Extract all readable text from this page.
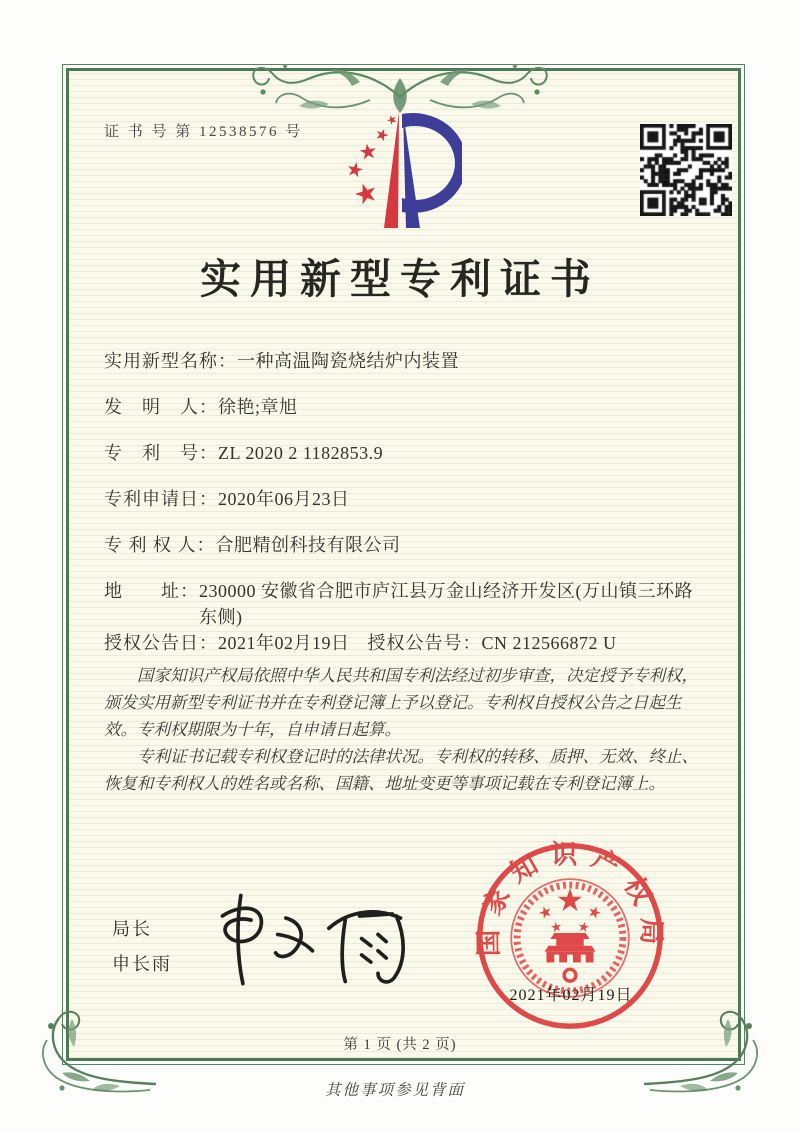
证 书 号 第 12538576 号
实用新型专利证书
实用新型名称： 一种高温陶瓷烧结炉内装置
发　明　人： 徐艳;章旭
专　利　号： ZL 2020 2 1182853.9
专利申请日： 2020年06月23日
专 利 权 人： 合肥精创科技有限公司
地　　址： 230000 安徽省合肥市庐江县万金山经济开发区(万山镇三环路东侧)
授权公告日： 2021年02月19日 授权公告号： CN 212566872 U

国家知识产权局依照中华人民共和国专利法经过初步审查，决定授予专利权，颁发实用新型专利证书并在专利登记簿上予以登记。专利权自授权公告之日起生效。专利权期限为十年，自申请日起算。

专利证书记载专利权登记时的法律状况。专利权的转移、质押、无效、终止、恢复和专利权人的姓名或名称、国籍、地址变更等事项记载在专利登记簿上。

局长
申长雨
国家知识产权局
2021年02月19日
第 1 页 (共 2 页)
其他事项参见背面
